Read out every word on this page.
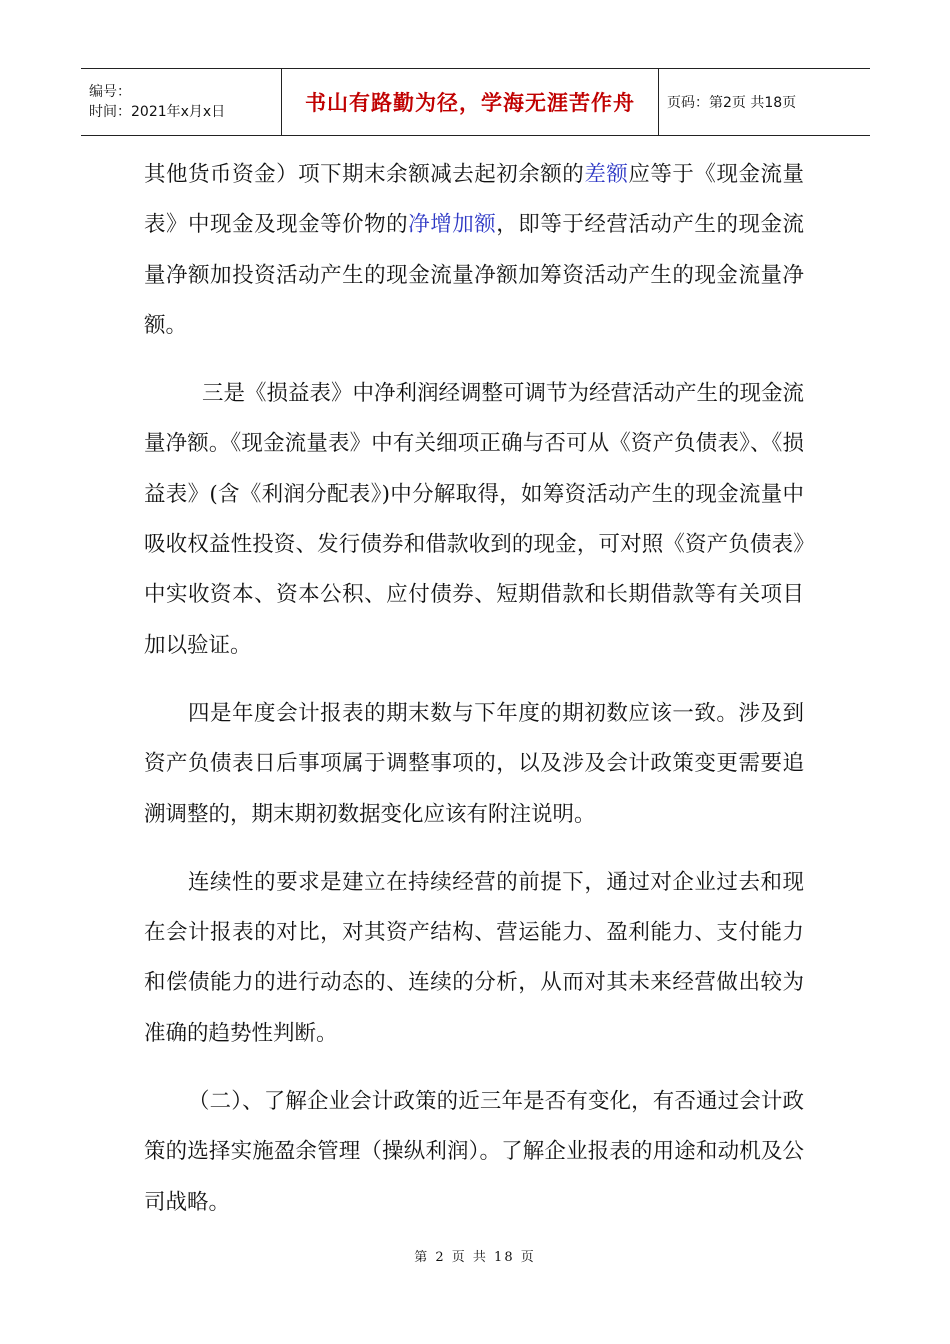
编号：
时间：2021年x月x日	书山有路勤为径，学海无涯苦作舟 页码：第2页 共18页

其他货币资金）项下期末余额减去起初余额的差额应等于《现金流量表》中现金及现金等价物的净增加额，即等于经营活动产生的现金流量净额加投资活动产生的现金流量净额加筹资活动产生的现金流量净额。

三是《损益表》中净利润经调整可调节为经营活动产生的现金流量净额。《现金流量表》中有关细项正确与否可从《资产负债表》、《损益表》(含《利润分配表》)中分解取得，如筹资活动产生的现金流量中吸收权益性投资、发行债券和借款收到的现金，可对照《资产负债表》中实收资本、资本公积、应付债券、短期借款和长期借款等有关项目加以验证。

四是年度会计报表的期末数与下年度的期初数应该一致。涉及到资产负债表日后事项属于调整事项的，以及涉及会计政策变更需要追溯调整的，期末期初数据变化应该有附注说明。

连续性的要求是建立在持续经营的前提下，通过对企业过去和现在会计报表的对比，对其资产结构、营运能力、盈利能力、支付能力和偿债能力的进行动态的、连续的分析，从而对其未来经营做出较为准确的趋势性判断。

（二）、了解企业会计政策的近三年是否有变化，有否通过会计政策的选择实施盈余管理（操纵利润）。了解企业报表的用途和动机及公司战略。

第 2 页 共 18 页
